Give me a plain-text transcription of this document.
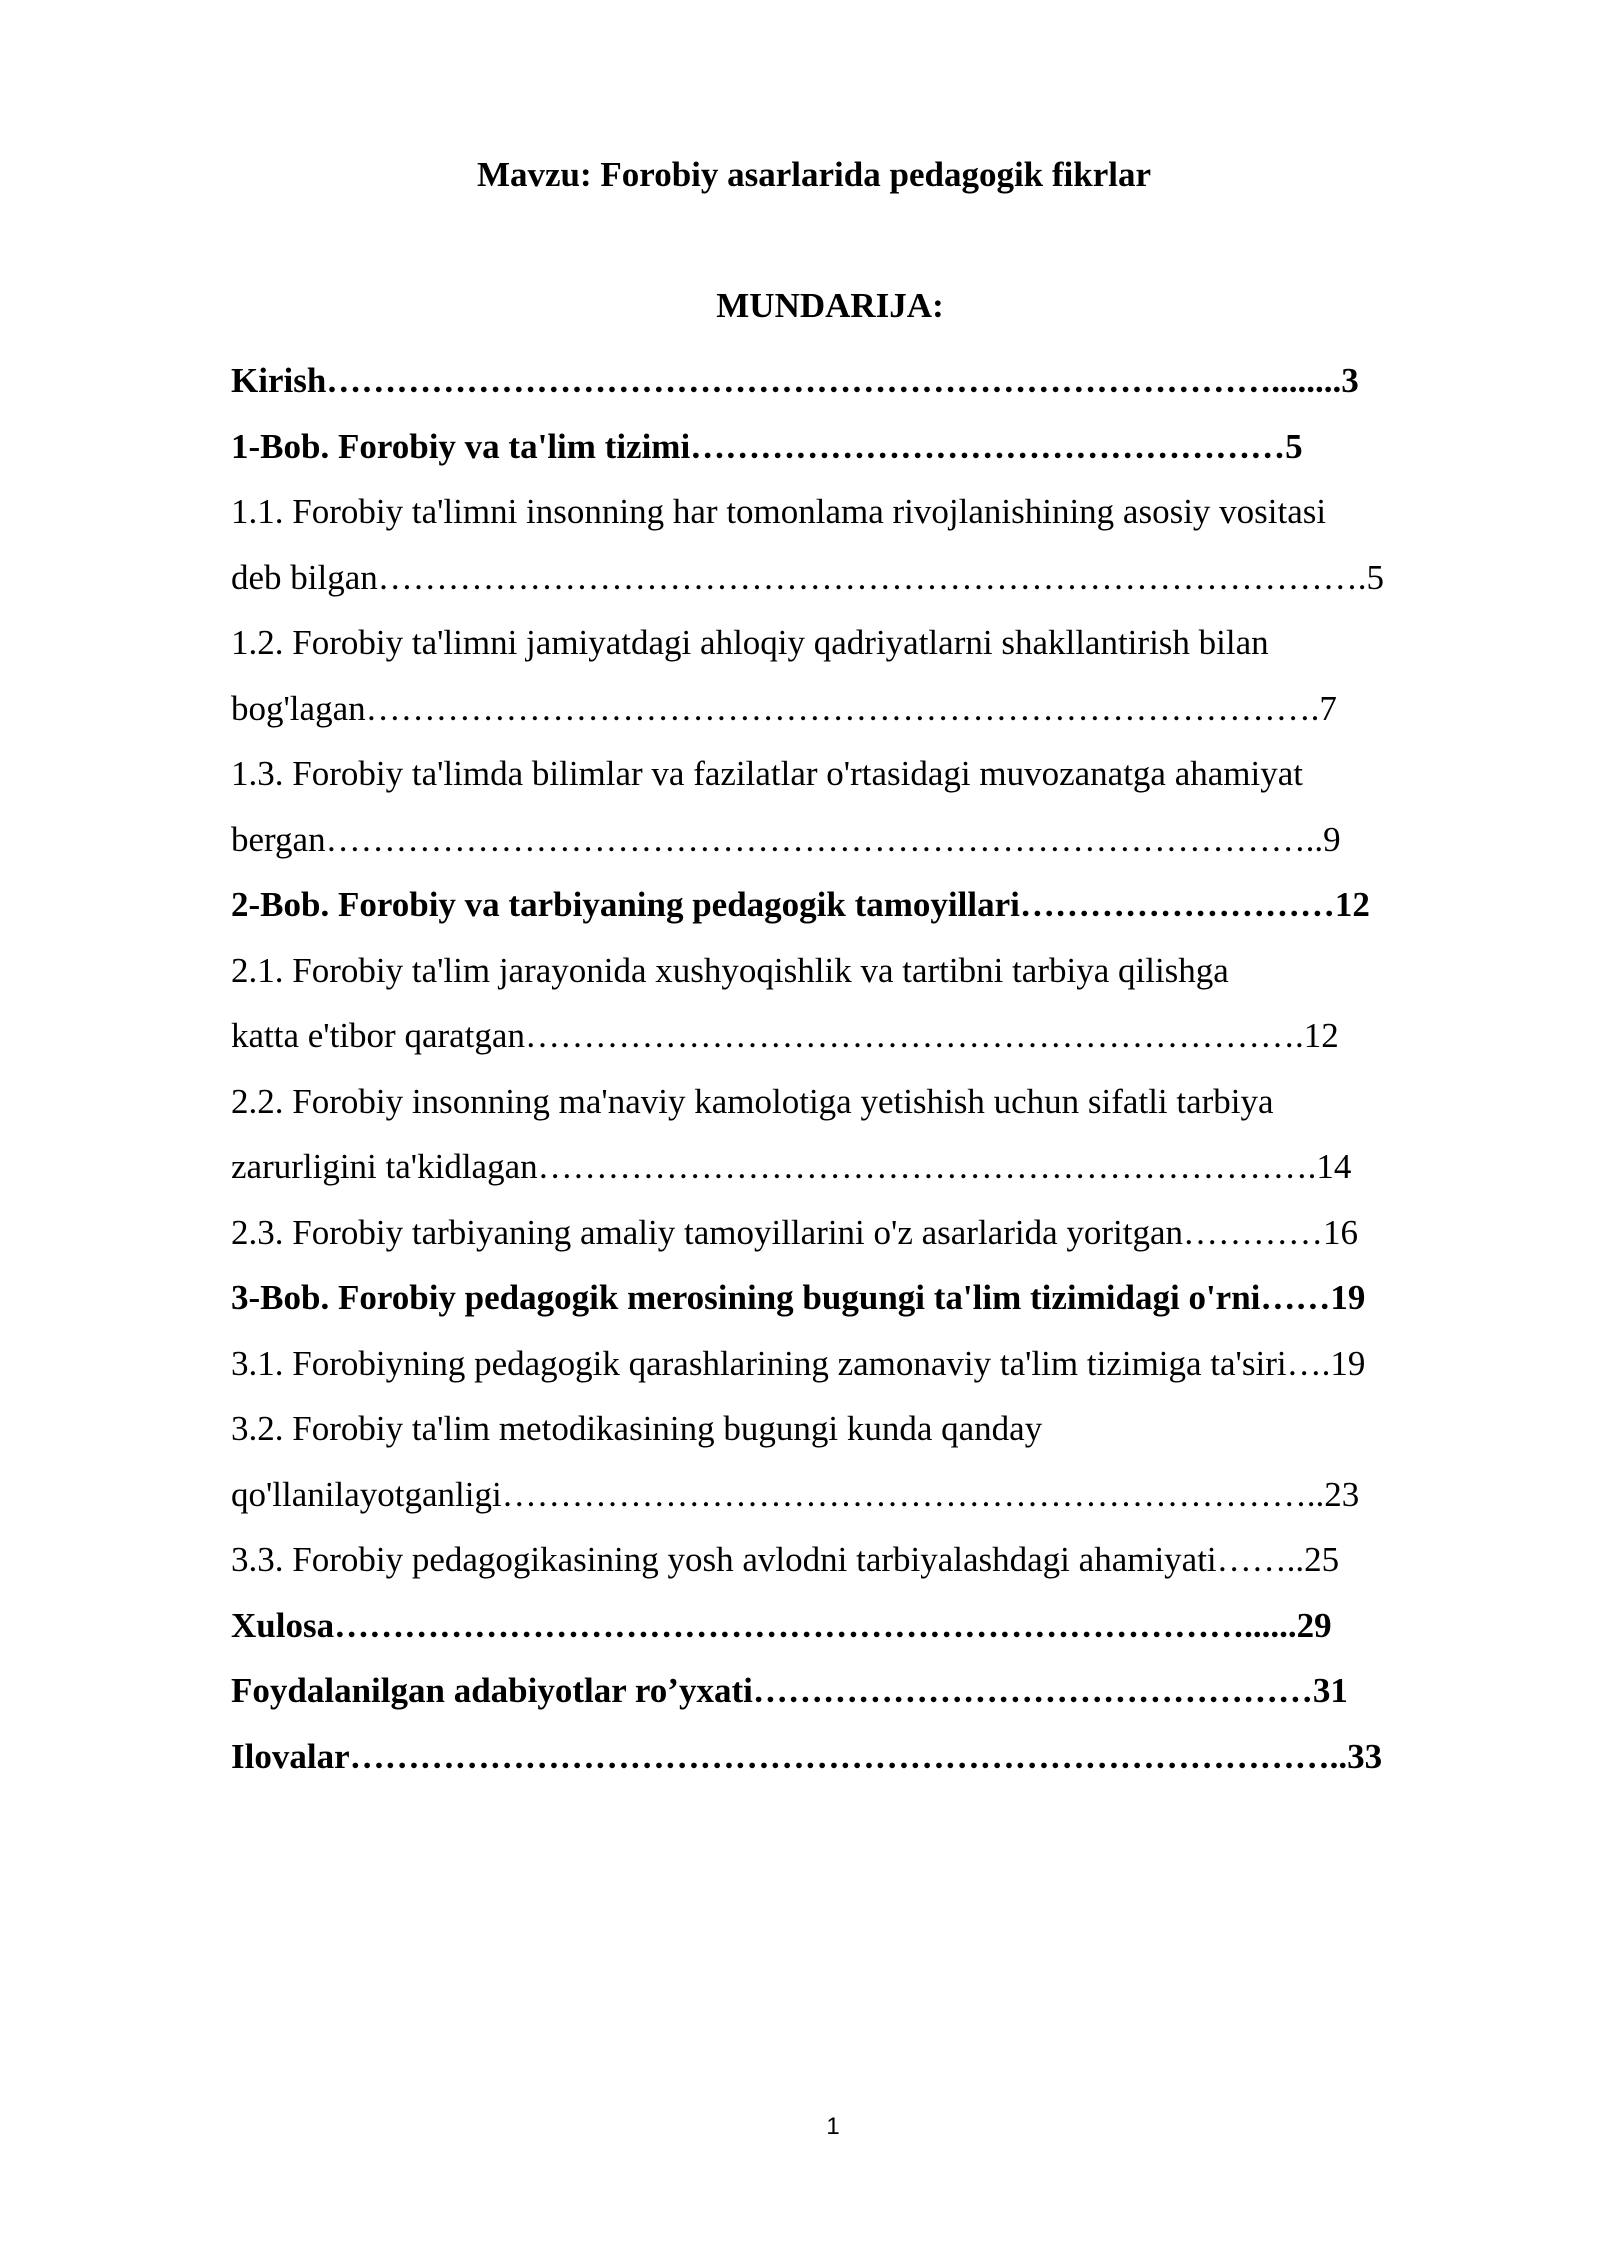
Mavzu: Forobiy asarlarida pedagogik fikrlar
MUNDARIJA:
Kirish………………………………………………………………………........3
1-Bob. Forobiy va ta'lim tizimi……………………………………………5
1.1. Forobiy ta'limni insonning har tomonlama rivojlanishining asosiy vositasi
deb bilgan………………………………………………………………………….5
1.2. Forobiy ta'limni jamiyatdagi ahloqiy qadriyatlarni shakllantirish bilan
bog'lagan……………………………………………………………………….7
1.3. Forobiy ta'limda bilimlar va fazilatlar o'rtasidagi muvozanatga ahamiyat
bergan…………………………………………………………………………..9
2-Bob. Forobiy va tarbiyaning pedagogik tamoyillari………………………12
2.1. Forobiy ta'lim jarayonida xushyoqishlik va tartibni tarbiya qilishga
katta e'tibor qaratgan………………………………………………………….12
2.2. Forobiy insonning ma'naviy kamolotiga yetishish uchun sifatli tarbiya
zarurligini ta'kidlagan………………………………………………………….14
2.3. Forobiy tarbiyaning amaliy tamoyillarini o'z asarlarida yoritgan…………16
3-Bob. Forobiy pedagogik merosining bugungi ta'lim tizimidagi o'rni……19
3.1. Forobiyning pedagogik qarashlarining zamonaviy ta'lim tizimiga ta'siri….19
3.2. Forobiy ta'lim metodikasining bugungi kunda qanday
qo'llanilayotganligi……………………………………………………………..23
3.3. Forobiy pedagogikasining yosh avlodni tarbiyalashdagi ahamiyati……..25
Xulosa……………………………………………………………………......29
Foydalanilgan adabiyotlar ro’yxati…………………………………………31
Ilovalar…………………………………………………………………………..33
1
